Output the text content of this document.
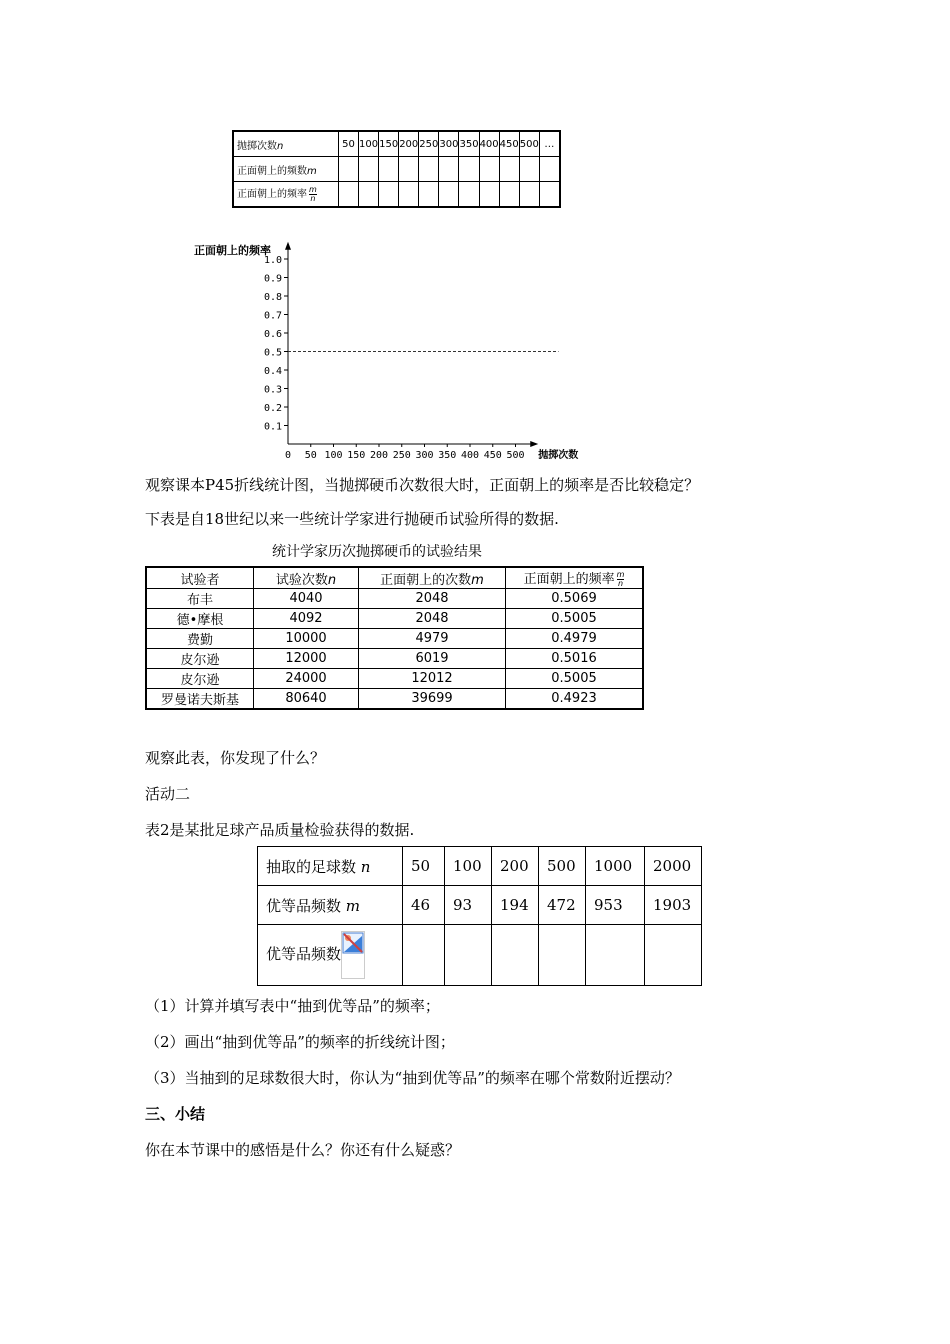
抛掷次数n	50	100	150	200	250	300	350	400	450	500	…
正面朝上的频数m											
正面朝上的频率 $\frac{m}{n}$

0.1
0.2
0.3
0.4
0.5
0.6
0.7
0.8
0.9
1.0
0 50 100 150 200 250 300 350 400 450 500
正面朝上的频率
抛掷次数
观察课本P45折线统计图，当抛掷硬币次数很大时，正面朝上的频率是否比较稳定？
下表是自18世纪以来一些统计学家进行抛硬币试验所得的数据.
统计学家历次抛掷硬币的试验结果
试验者	试验次数n	正面朝上的次数m	正面朝上的频率 $\frac{m}{n}$

布丰	4040	2048	0.5069
德•摩根	4092	2048	0.5005
费勤	10000	4979	0.4979
皮尔逊	12000	6019	0.5016
皮尔逊	24000	12012	0.5005
罗曼诺夫斯基	80640	39699	0.4923
观察此表，你发现了什么？
活动二
表2是某批足球产品质量检验获得的数据.
抽取的足球数 n	50	100	200	500	1000	2000
优等品频数 m	46	93	194	472	953	1903
优等品频数

（1）计算并填写表中“抽到优等品”的频率；
（2）画出“抽到优等品”的频率的折线统计图；
（3）当抽到的足球数很大时，你认为“抽到优等品”的频率在哪个常数附近摆动？
三、小结
你在本节课中的感悟是什么？你还有什么疑惑？
